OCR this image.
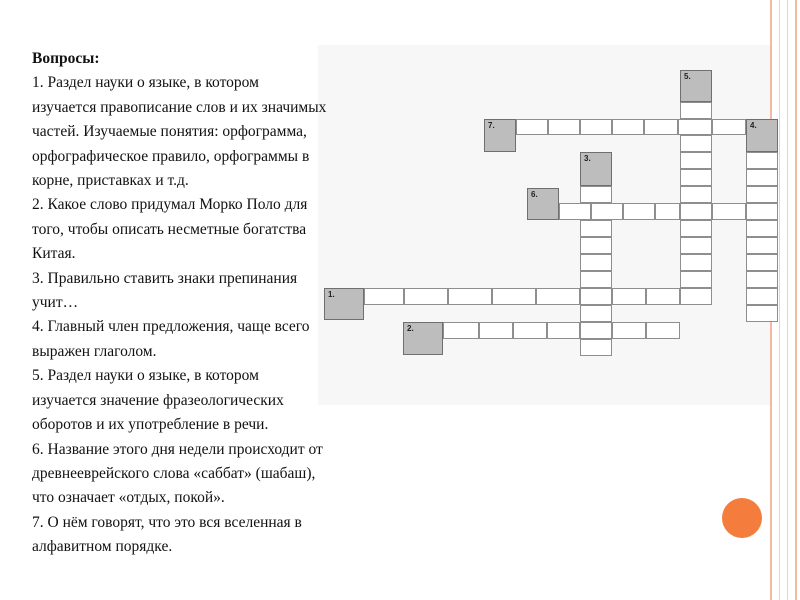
7.
5.
4.
6.
3.
1.
2.
Вопросы:
1. Раздел науки о языке, в котором
изучается правописание слов и их значимых
частей. Изучаемые понятия: орфограмма,
орфографическое правило, орфограммы в
корне, приставках и т.д.
2. Какое слово придумал Морко Поло для
того, чтобы описать несметные богатства
Китая.
3. Правильно ставить знаки препинания
учит…
4. Главный член предложения, чаще всего
выражен глаголом.
5. Раздел науки о языке, в котором
изучается значение фразеологических
оборотов и их употребление в речи.
6. Название этого дня недели происходит от
древнееврейского слова «саббат» (шабаш),
что означает «отдых, покой».
7. О нём говорят, что это вся вселенная в
алфавитном порядке.
